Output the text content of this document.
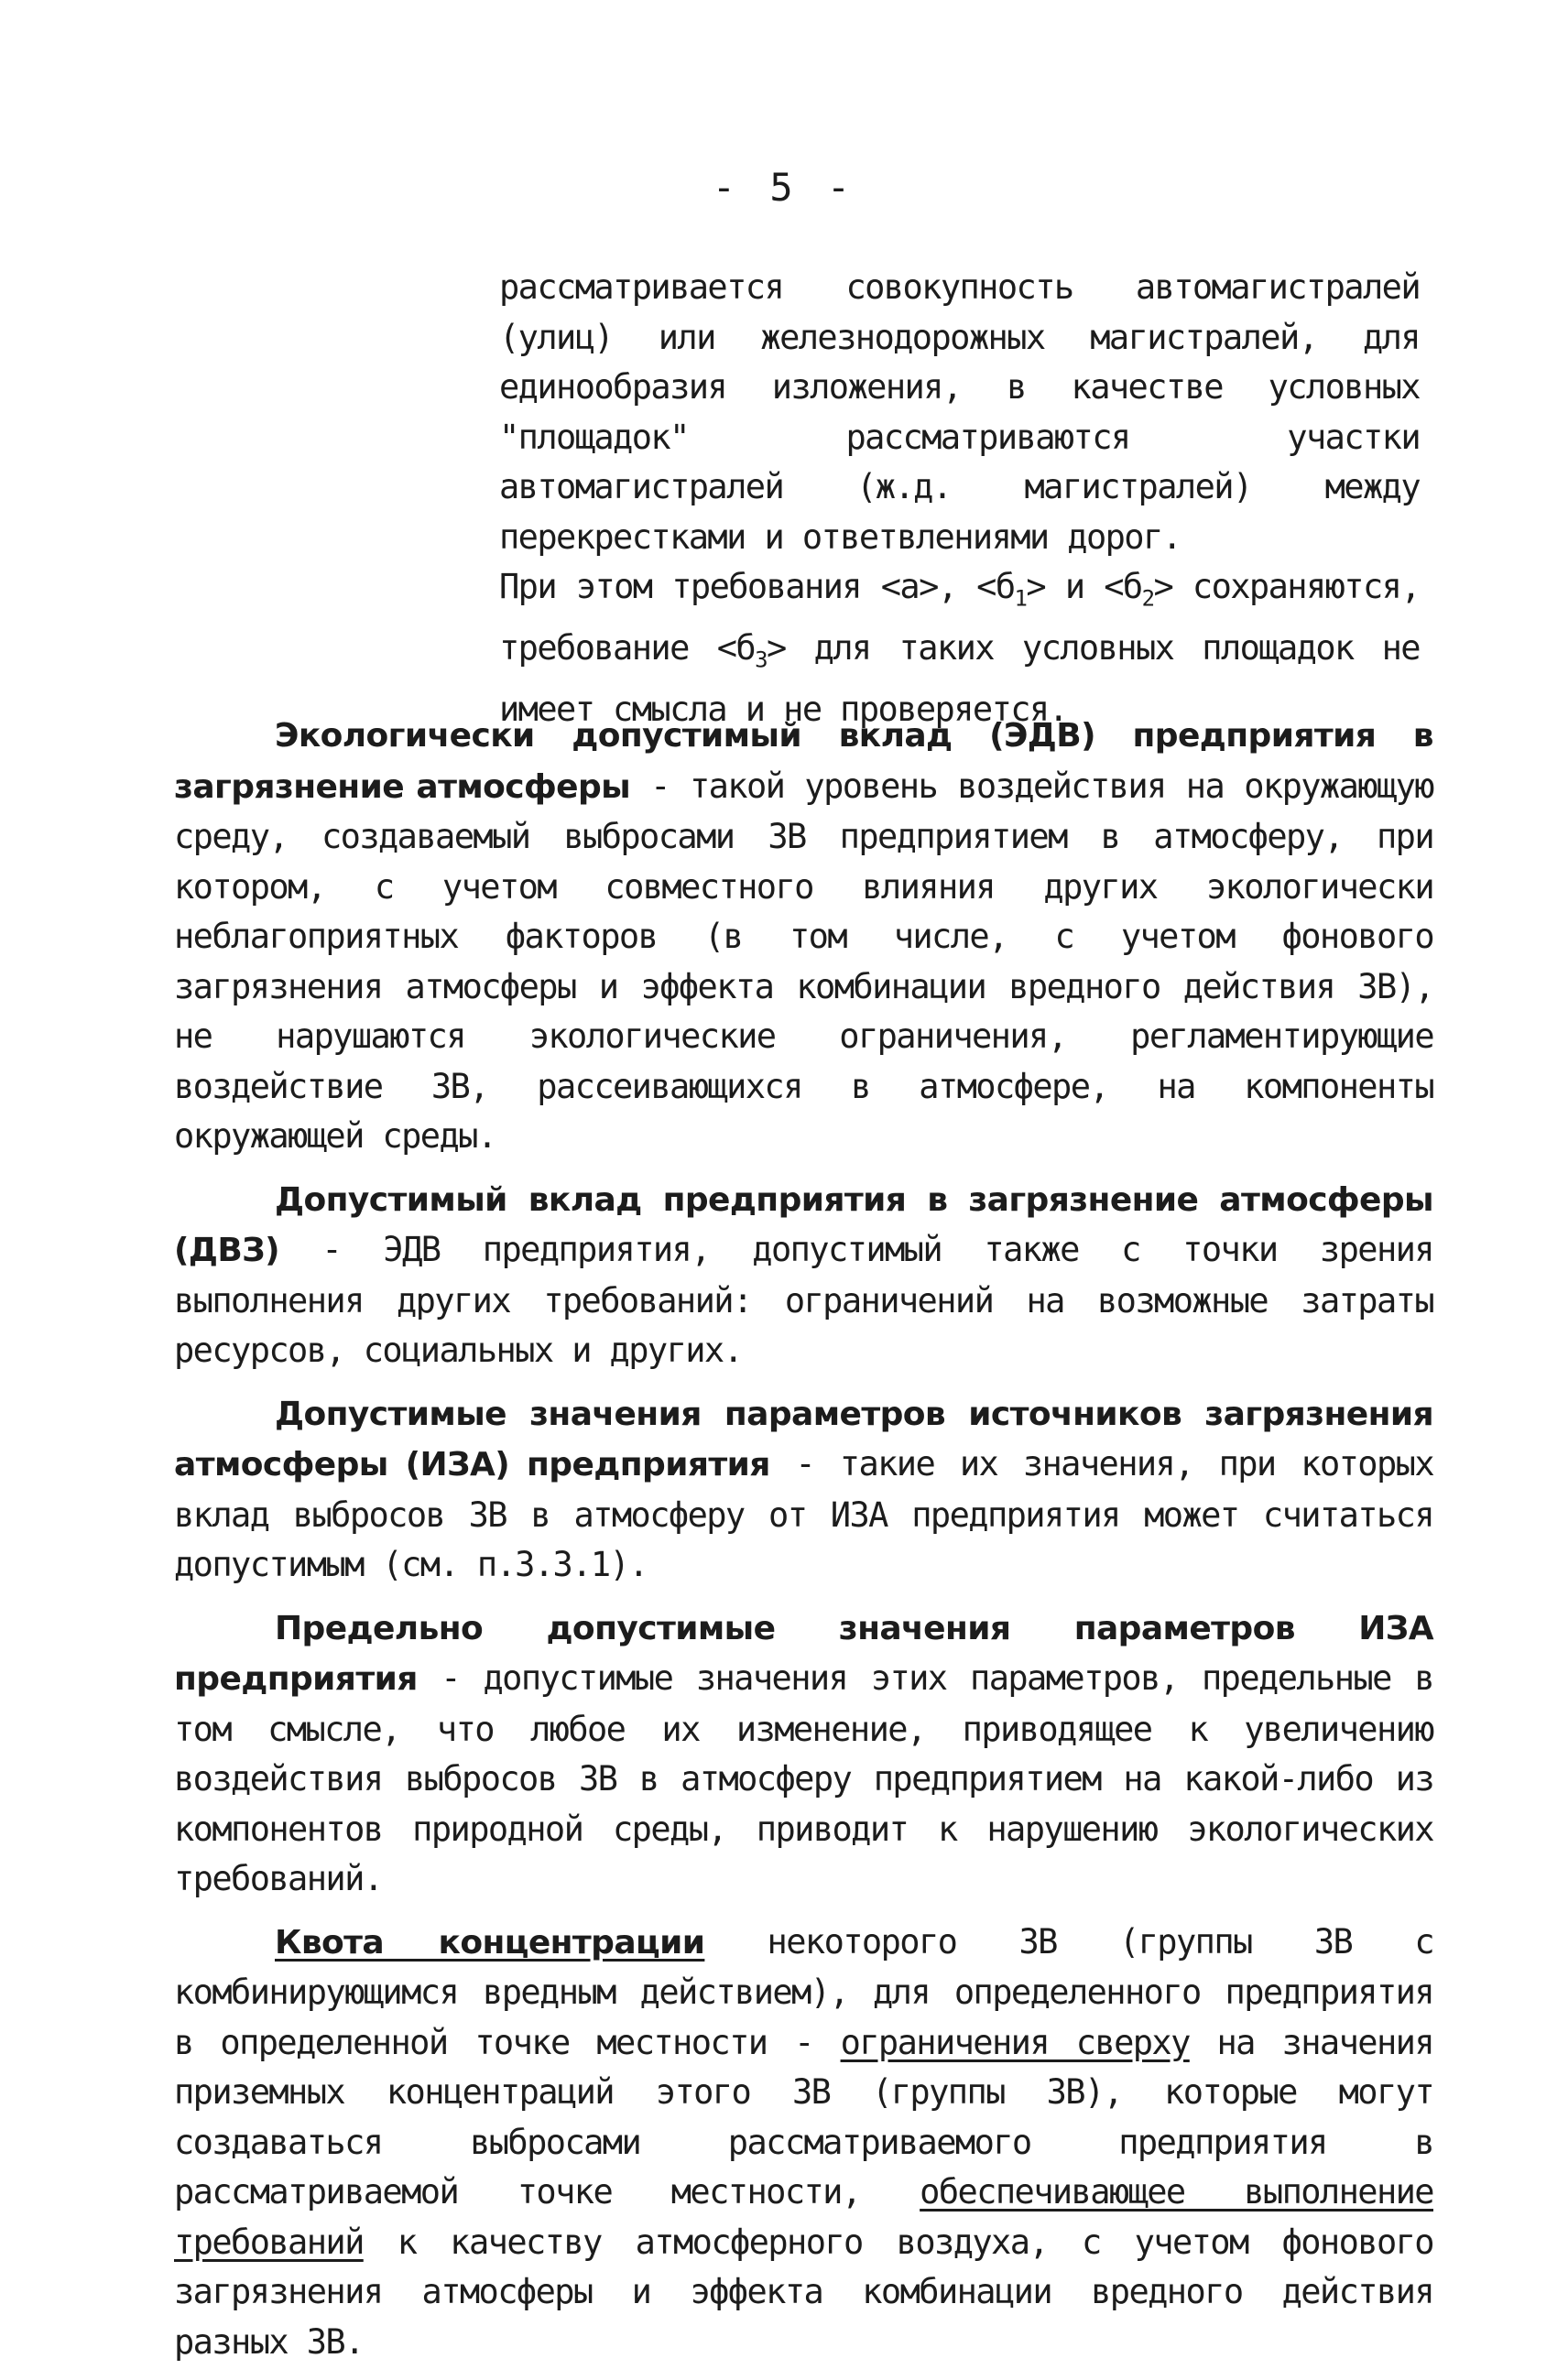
- 5 -

рассматривается совокупность автомагистралей (улиц) или железнодорожных магистралей, для единообразия изложения, в качестве условных "площадок" рассматриваются участки автомагистралей (ж.д. магистралей) между перекрестками и ответвлениями дорог.

При этом требования <а>, $<б_1> и <б_2>$ сохраняются, требование $<б_3>$ для таких условных площадок не имеет смысла и не проверяется.

Экологически допустимый вклад (ЭДВ) предприятия в загрязнение атмосферы - такой уровень воздействия на окружающую среду, создаваемый выбросами ЗВ предприятием в атмосферу, при котором, с учетом совместного влияния других экологически неблагоприятных факторов (в том числе, с учетом фонового загрязнения атмосферы и эффекта комбинации вредного действия ЗВ), не нарушаются экологические ограничения, регламентирующие воздействие ЗВ, рассеивающихся в атмосфере, на компоненты окружающей среды.

Допустимый вклад предприятия в загрязнение атмосферы (ДВЗ) - ЭДВ предприятия, допустимый также с точки зрения выполнения других требований: ограничений на возможные затраты ресурсов, социальных и других.

Допустимые значения параметров источников загрязнения атмосферы (ИЗА) предприятия - такие их значения, при которых вклад выбросов ЗВ в атмосферу от ИЗА предприятия может считаться допустимым (см. п.3.3.1).

Предельно допустимые значения параметров ИЗА предприятия - допустимые значения этих параметров, предельные в том смысле, что любое их изменение, приводящее к увеличению воздействия выбросов ЗВ в атмосферу предприятием на какой-либо из компонентов природной среды, приводит к нарушению экологических требований.

Квота концентрации некоторого ЗВ (группы ЗВ с комбинирующимся вредным действием), для определенного предприятия в определенной точке местности - ограничения сверху на значения приземных концентраций этого ЗВ (группы ЗВ), которые могут создаваться выбросами рассматриваемого предприятия в рассматриваемой точке местности, обеспечивающее выполнение требований к качеству атмосферного воздуха, с учетом фонового загрязнения атмосферы и эффекта комбинации вредного действия разных ЗВ.
